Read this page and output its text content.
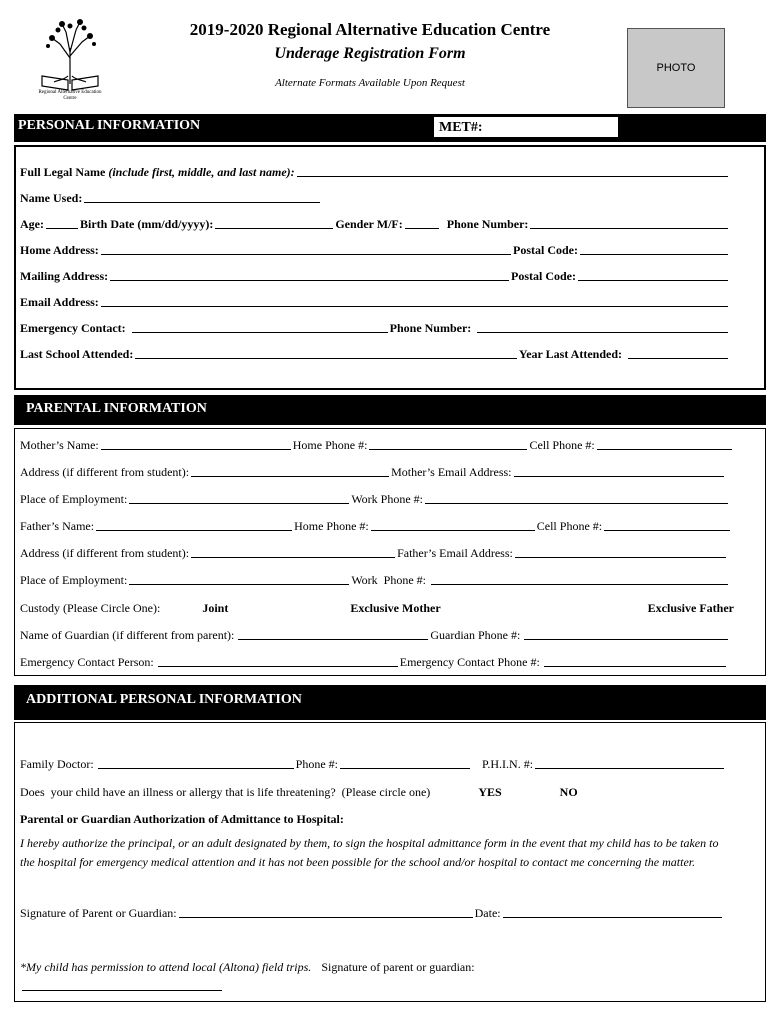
Regional Alternative Education Centre
2019-2020 Regional Alternative Education Centre
Underage Registration Form
Alternate Formats Available Upon Request
PHOTO
PERSONAL INFORMATION	MET#:
Full Legal Name (include first, middle, and last name):
Name Used:
Age:	Birth Date (mm/dd/yyyy):	Gender M/F:	Phone Number:
Home Address:	Postal Code:
Mailing Address:	Postal Code:
Email Address:
Emergency Contact:	Phone Number:
Last School Attended:	Year Last Attended:
PARENTAL INFORMATION
Mother’s Name:	Home Phone #:	Cell Phone #:
Address (if different from student):	Mother’s Email Address:
Place of Employment:	Work Phone #:
Father’s Name:	Home Phone #:	Cell Phone #:
Address (if different from student):	Father’s Email Address:
Place of Employment:	Work  Phone #:
Custody (Please Circle One):	Joint	Exclusive Mother	Exclusive Father
Name of Guardian (if different from parent):	Guardian Phone #:
Emergency Contact Person:	Emergency Contact Phone #:
ADDITIONAL PERSONAL INFORMATION
Family Doctor:	Phone #:	P.H.I.N. #:
Does  your child have an illness or allergy that is life threatening?  (Please circle one)	YES	NO
Parental or Guardian Authorization of Admittance to Hospital:
I hereby authorize the principal, or an adult designated by them, to sign the hospital admittance form in the event that my child has to be taken to the hospital for emergency medical attention and it has not been possible for the school and/or hospital to contact me concerning the matter.
Signature of Parent or Guardian:	Date:
*My child has permission to attend local (Altona) field trips. Signature of parent or guardian:
